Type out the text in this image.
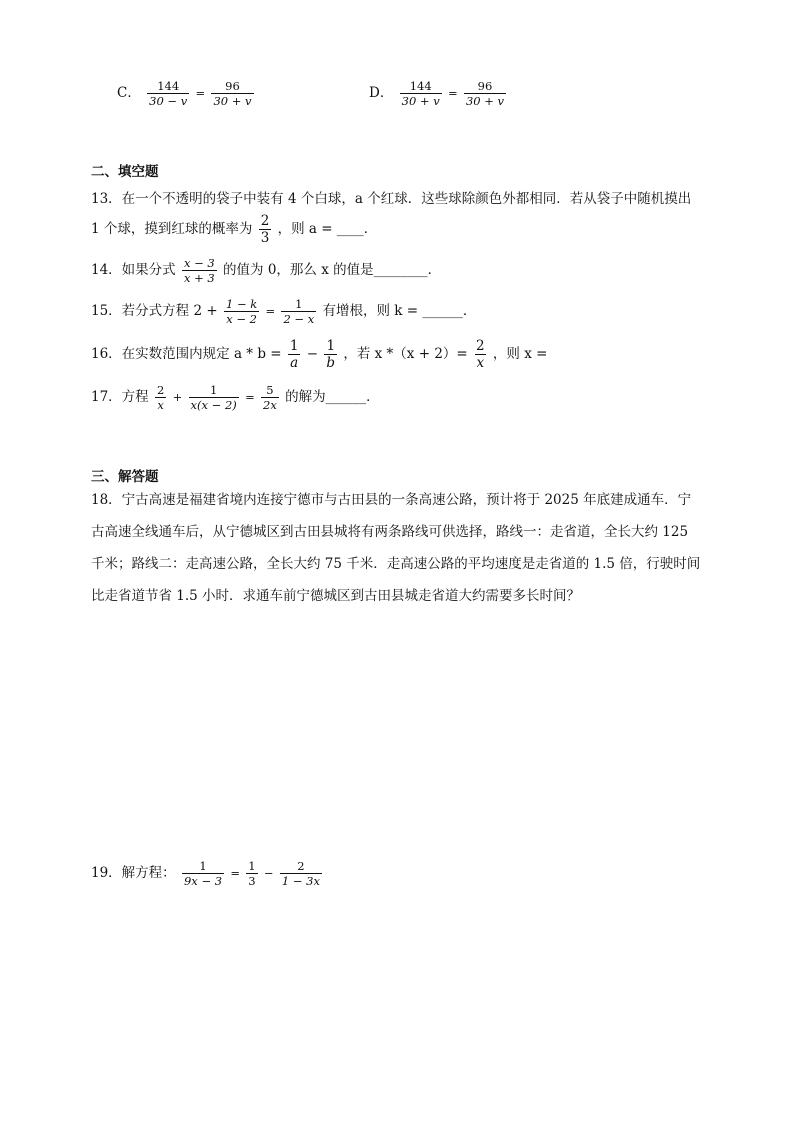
C． $\frac{144}{30 - v} = \frac{96}{30 + v}$	D． $\frac{144}{30 + v} = \frac{96}{30 + v}$
二、填空题
13．在一个不透明的袋子中装有 4 个白球，a 个红球．这些球除颜色外都相同．若从袋子中随机摸出
1 个球，摸到红球的概率为 $\frac{2}{3}$ ，则 a = ____．
14．如果分式 $\frac{x - 3}{x + 3}$ 的值为 0，那么 x 的值是________．
15．若分式方程 $2 + \frac{1 - k}{x - 2} = \frac{1}{2 - x}$ 有增根，则 k = ______．
16．在实数范围内规定 $a * b = \frac{1}{a} - \frac{1}{b}$ ，若 x $*(x + 2)= \frac{2}{x}$ ，则 x =
17．方程 $\frac{2}{x} + \frac{1}{x(x - 2)} = \frac{5}{2x}$ 的解为______．
三、解答题
18．宁古高速是福建省境内连接宁德市与古田县的一条高速公路，预计将于 2025 年底建成通车．宁古高速全线通车后，从宁德城区到古田县城将有两条路线可供选择，路线一：走省道，全长大约 125 千米；路线二：走高速公路，全长大约 75 千米．走高速公路的平均速度是走省道的 1.5 倍，行驶时间比走省道节省 1.5 小时．求通车前宁德城区到古田县城走省道大约需要多长时间？
19．解方程： $\frac{1}{9x - 3} = \frac{1}{3} - \frac{2}{1 - 3x}$
